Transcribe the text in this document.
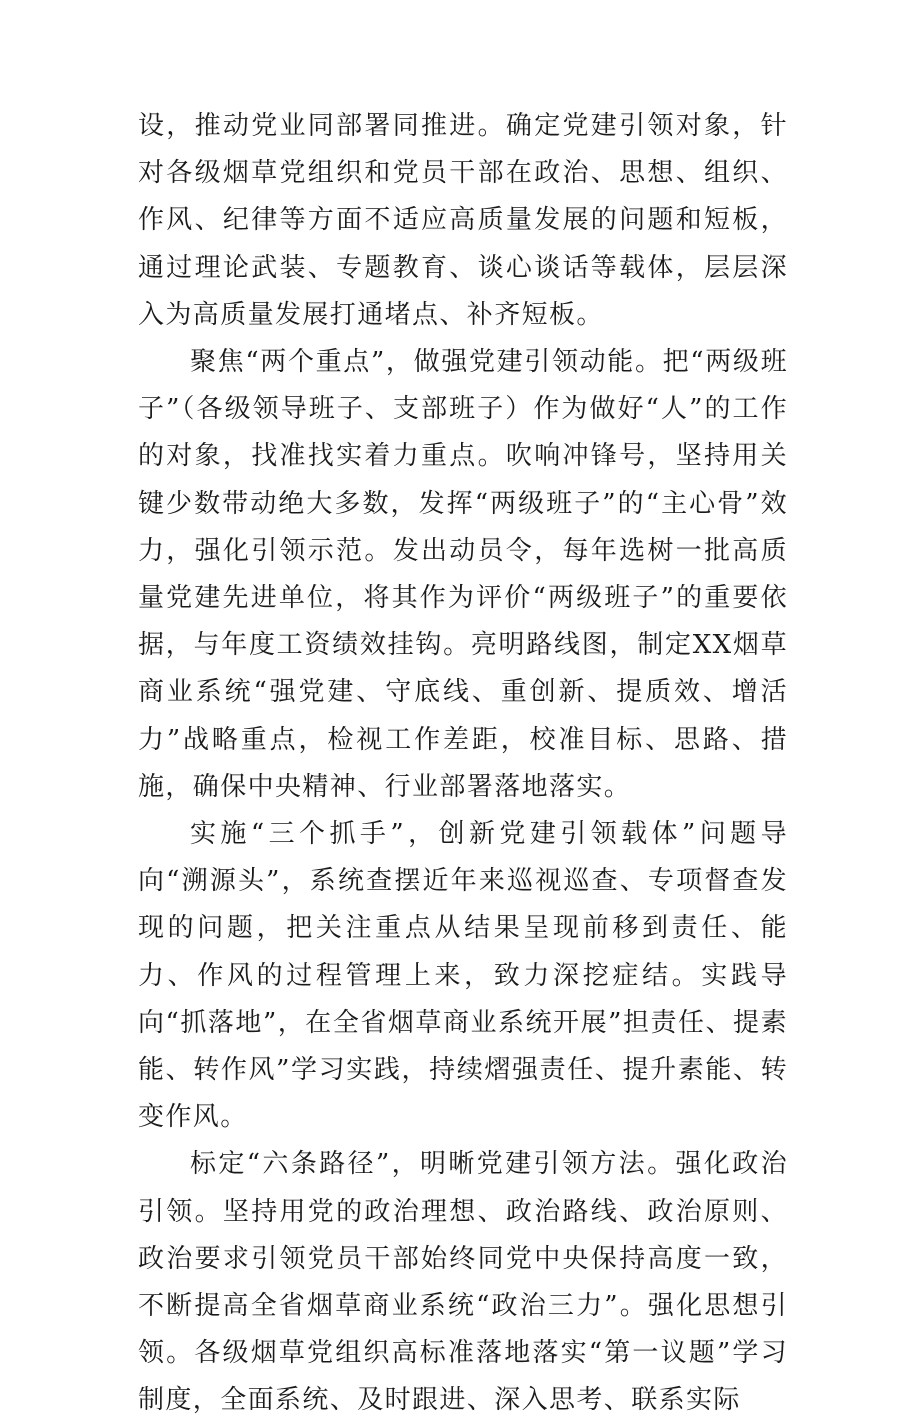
设，推动党业同部署同推进。确定党建引领对象，针对各级烟草党组织和党员干部在政治、思想、组织、作风、纪律等方面不适应高质量发展的问题和短板，通过理论武装、专题教育、谈心谈话等载体，层层深入为高质量发展打通堵点、补齐短板。

聚焦“两个重点”，做强党建引领动能。把“两级班子”（各级领导班子、支部班子）作为做好“人”的工作的对象，找准找实着力重点。吹响冲锋号，坚持用关键少数带动绝大多数，发挥“两级班子”的“主心骨”效力，强化引领示范。发出动员令，每年选树一批高质量党建先进单位，将其作为评价“两级班子”的重要依据，与年度工资绩效挂钩。亮明路线图，制定XX烟草商业系统“强党建、守底线、重创新、提质效、增活力”战略重点，检视工作差距，校准目标、思路、措施，确保中央精神、行业部署落地落实。

实施“三个抓手”，创新党建引领载体”问题导向“溯源头”，系统查摆近年来巡视巡查、专项督查发现的问题，把关注重点从结果呈现前移到责任、能力、作风的过程管理上来，致力深挖症结。实践导向“抓落地”，在全省烟草商业系统开展”担责任、提素能、转作风”学习实践，持续熠强责任、提升素能、转变作风。

标定“六条路径”，明晰党建引领方法。强化政治引领。坚持用党的政治理想、政治路线、政治原则、政治要求引领党员干部始终同党中央保持高度一致，不断提高全省烟草商业系统“政治三力”。强化思想引领。各级烟草党组织高标准落地落实“第一议题”学习制度，全面系统、及时跟进、深入思考、联系实际
